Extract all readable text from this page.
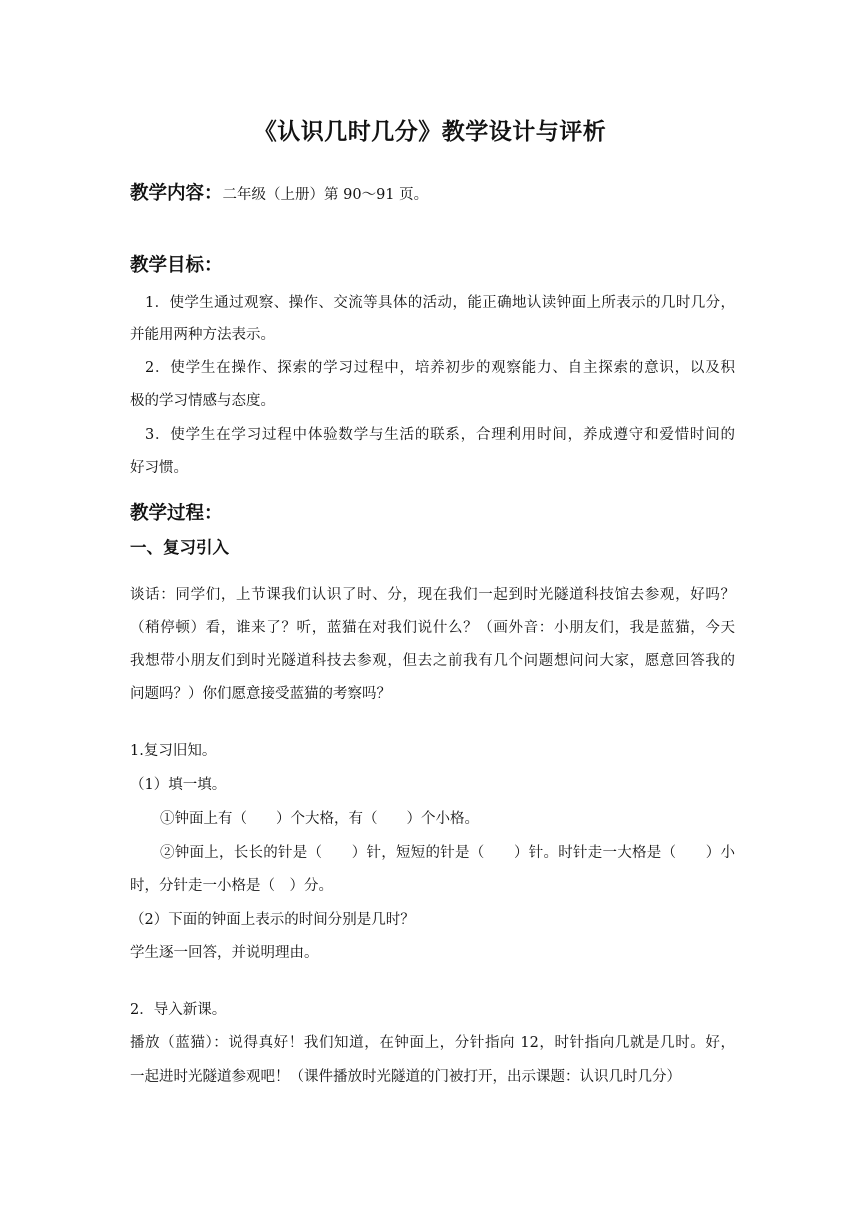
《认识几时几分》教学设计与评析
教学内容：二年级（上册）第 90～91 页。
教学目标：
1．使学生通过观察、操作、交流等具体的活动，能正确地认读钟面上所表示的几时几分，
并能用两种方法表示。
2．使学生在操作、探索的学习过程中，培养初步的观察能力、自主探索的意识，以及积
极的学习情感与态度。
3．使学生在学习过程中体验数学与生活的联系，合理利用时间，养成遵守和爱惜时间的
好习惯。
教学过程：
一、复习引入
谈话：同学们，上节课我们认识了时、分，现在我们一起到时光隧道科技馆去参观，好吗？
（稍停顿）看，谁来了？听，蓝猫在对我们说什么？（画外音：小朋友们，我是蓝猫，今天
我想带小朋友们到时光隧道科技去参观，但去之前我有几个问题想问问大家，愿意回答我的
问题吗？）你们愿意接受蓝猫的考察吗？
1.复习旧知。
（1）填一填。
①钟面上有（　　）个大格，有（　　）个小格。
②钟面上，长长的针是（　　）针，短短的针是（　　）针。时针走一大格是（　　）小
时，分针走一小格是（　）分。
（2）下面的钟面上表示的时间分别是几时？
学生逐一回答，并说明理由。
2．导入新课。
播放（蓝猫）：说得真好！我们知道，在钟面上，分针指向 12，时针指向几就是几时。好，
一起进时光隧道参观吧！（课件播放时光隧道的门被打开，出示课题：认识几时几分）
